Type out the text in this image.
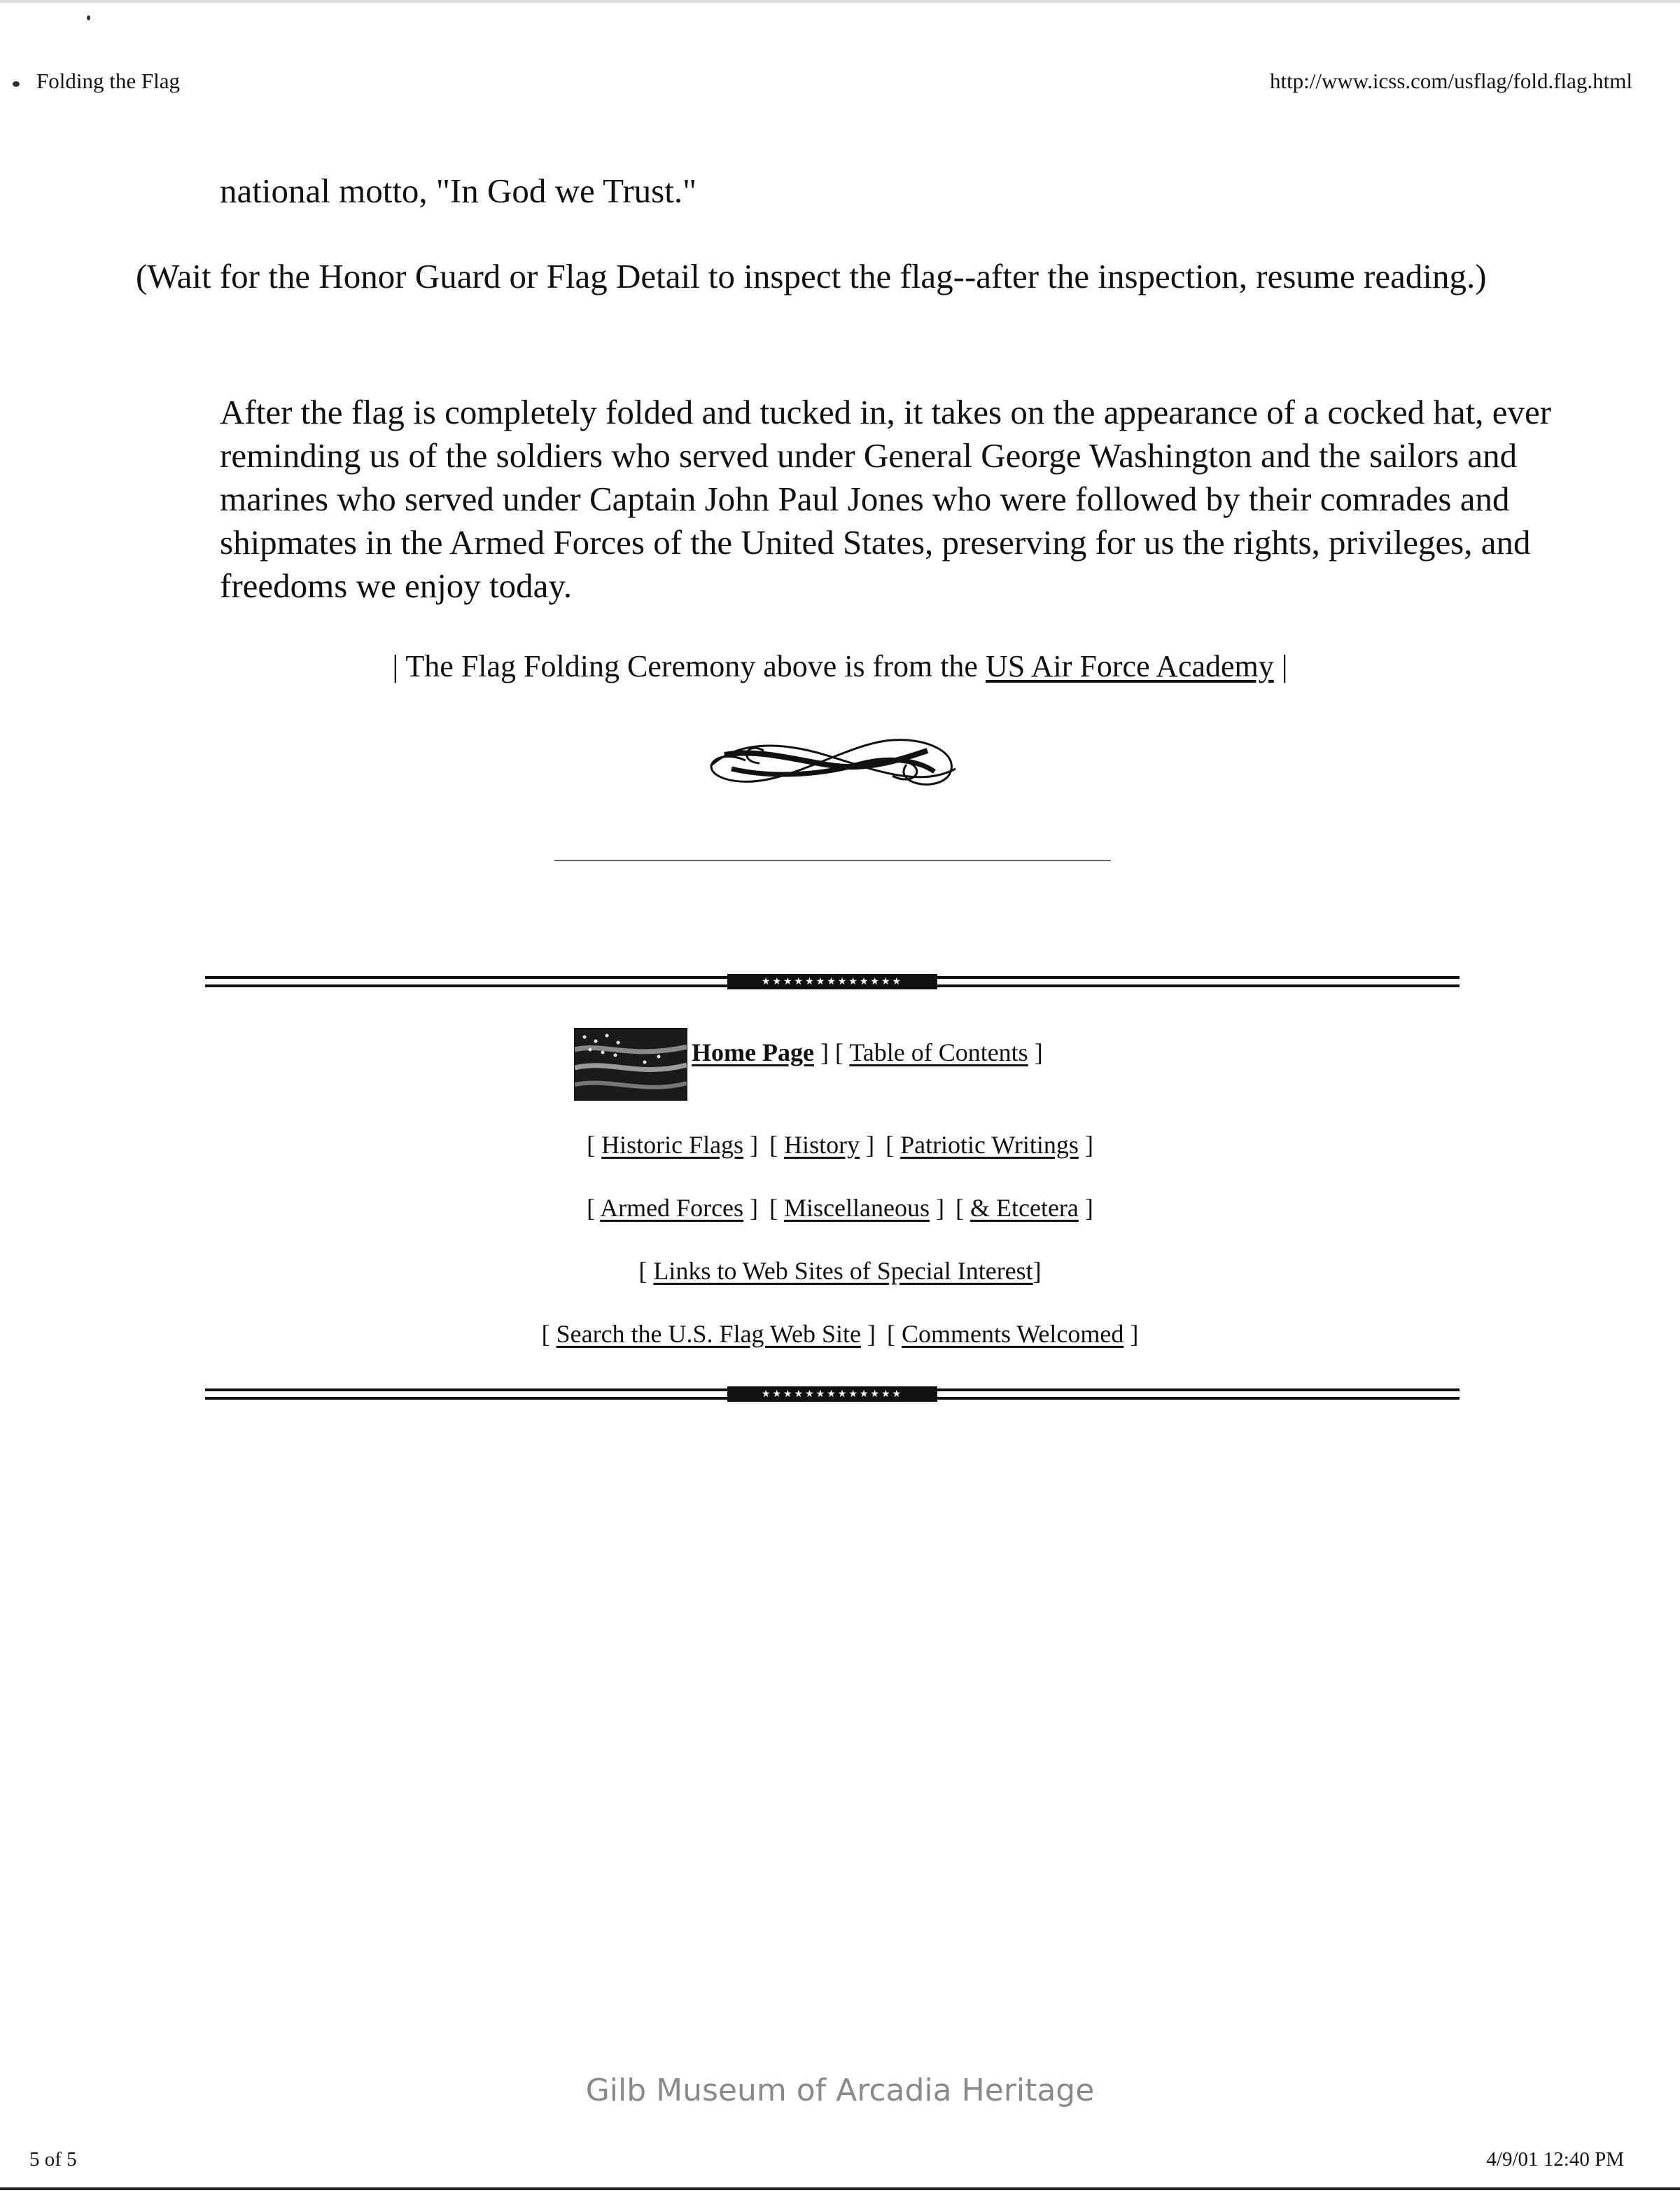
Folding the Flag	http://www.icss.com/usflag/fold.flag.html

national motto, "In God we Trust."

(Wait for the Honor Guard or Flag Detail to inspect the flag--after the inspection, resume reading.)

After the flag is completely folded and tucked in, it takes on the appearance of a cocked hat, ever reminding us of the soldiers who served under General George Washington and the sailors and marines who served under Captain John Paul Jones who were followed by their comrades and shipmates in the Armed Forces of the United States, preserving for us the rights, privileges, and freedoms we enjoy today.

| The Flag Folding Ceremony above is from the US Air Force Academy |

★★★★★★★★★★★★★
Home Page ] [ Table of Contents ]
[ Historic Flags ] [ History ] [ Patriotic Writings ]
[ Armed Forces ] [ Miscellaneous ] [ & Etcetera ]
[ Links to Web Sites of Special Interest]
[ Search the U.S. Flag Web Site ] [ Comments Welcomed ]
★★★★★★★★★★★★★
Gilb Museum of Arcadia Heritage
5 of 5	4/9/01 12:40 PM
